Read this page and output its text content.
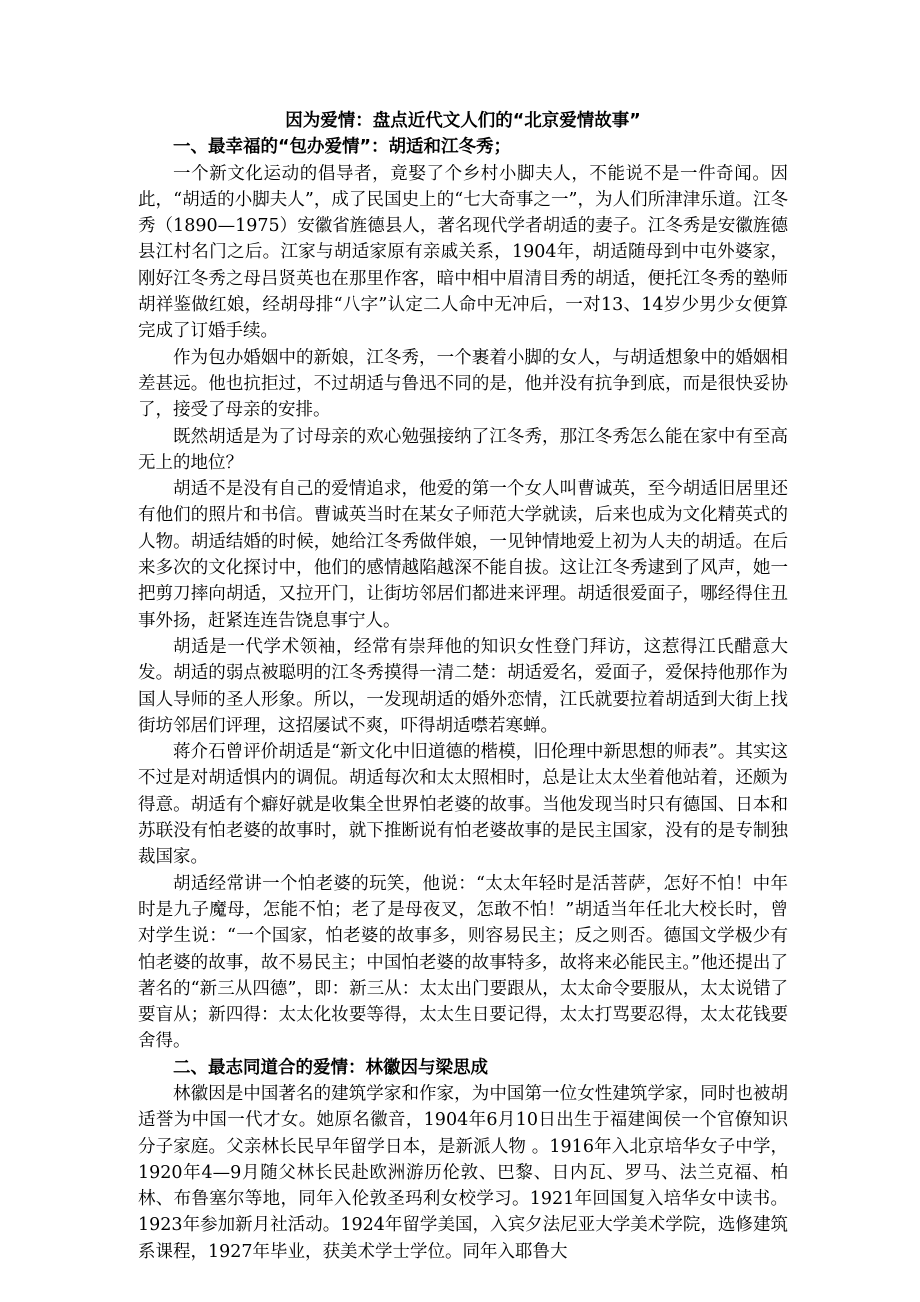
因为爱情：盘点近代文人们的“北京爱情故事”

一、最幸福的“包办爱情”：胡适和江冬秀；

一个新文化运动的倡导者，竟娶了个乡村小脚夫人，不能说不是一件奇闻。因此，“胡适的小脚夫人”，成了民国史上的“七大奇事之一”，为人们所津津乐道。江冬秀（1890—1975）安徽省旌德县人，著名现代学者胡适的妻子。江冬秀是安徽旌德县江村名门之后。江家与胡适家原有亲戚关系，1904年，胡适随母到中屯外婆家，刚好江冬秀之母吕贤英也在那里作客，暗中相中眉清目秀的胡适，便托江冬秀的塾师胡祥鉴做红娘，经胡母排“八字”认定二人命中无冲后，一对13、14岁少男少女便算完成了订婚手续。

作为包办婚姻中的新娘，江冬秀，一个裹着小脚的女人，与胡适想象中的婚姻相差甚远。他也抗拒过，不过胡适与鲁迅不同的是，他并没有抗争到底，而是很快妥协了，接受了母亲的安排。

既然胡适是为了讨母亲的欢心勉强接纳了江冬秀，那江冬秀怎么能在家中有至高无上的地位？

胡适不是没有自己的爱情追求，他爱的第一个女人叫曹诚英，至今胡适旧居里还有他们的照片和书信。曹诚英当时在某女子师范大学就读，后来也成为文化精英式的人物。胡适结婚的时候，她给江冬秀做伴娘，一见钟情地爱上初为人夫的胡适。在后来多次的文化探讨中，他们的感情越陷越深不能自拔。这让江冬秀逮到了风声，她一把剪刀摔向胡适，又拉开门，让街坊邻居们都进来评理。胡适很爱面子，哪经得住丑事外扬，赶紧连连告饶息事宁人。

胡适是一代学术领袖，经常有崇拜他的知识女性登门拜访，这惹得江氏醋意大发。胡适的弱点被聪明的江冬秀摸得一清二楚：胡适爱名，爱面子，爱保持他那作为国人导师的圣人形象。所以，一发现胡适的婚外恋情，江氏就要拉着胡适到大街上找街坊邻居们评理，这招屡试不爽，吓得胡适噤若寒蝉。

蒋介石曾评价胡适是“新文化中旧道德的楷模，旧伦理中新思想的师表”。其实这不过是对胡适惧内的调侃。胡适每次和太太照相时，总是让太太坐着他站着，还颇为得意。胡适有个癖好就是收集全世界怕老婆的故事。当他发现当时只有德国、日本和苏联没有怕老婆的故事时，就下推断说有怕老婆故事的是民主国家，没有的是专制独裁国家。

胡适经常讲一个怕老婆的玩笑，他说：“太太年轻时是活菩萨，怎好不怕！中年时是九子魔母，怎能不怕；老了是母夜叉，怎敢不怕！”胡适当年任北大校长时，曾对学生说：“一个国家，怕老婆的故事多，则容易民主；反之则否。德国文学极少有怕老婆的故事，故不易民主；中国怕老婆的故事特多，故将来必能民主。”他还提出了著名的“新三从四德”，即：新三从：太太出门要跟从，太太命令要服从，太太说错了要盲从；新四得：太太化妆要等得，太太生日要记得，太太打骂要忍得，太太花钱要舍得。

二、最志同道合的爱情：林徽因与梁思成

林徽因是中国著名的建筑学家和作家，为中国第一位女性建筑学家，同时也被胡适誉为中国一代才女。她原名徽音，1904年6月10日出生于福建闽侯一个官僚知识分子家庭。父亲林长民早年留学日本，是新派人物 。1916年入北京培华女子中学，1920年4—9月随父林长民赴欧洲游历伦敦、巴黎、日内瓦、罗马、法兰克福、柏林、布鲁塞尔等地，同年入伦敦圣玛利女校学习。1921年回国复入培华女中读书。1923年参加新月社活动。1924年留学美国，入宾夕法尼亚大学美术学院，选修建筑系课程，1927年毕业，获美术学士学位。同年入耶鲁大
